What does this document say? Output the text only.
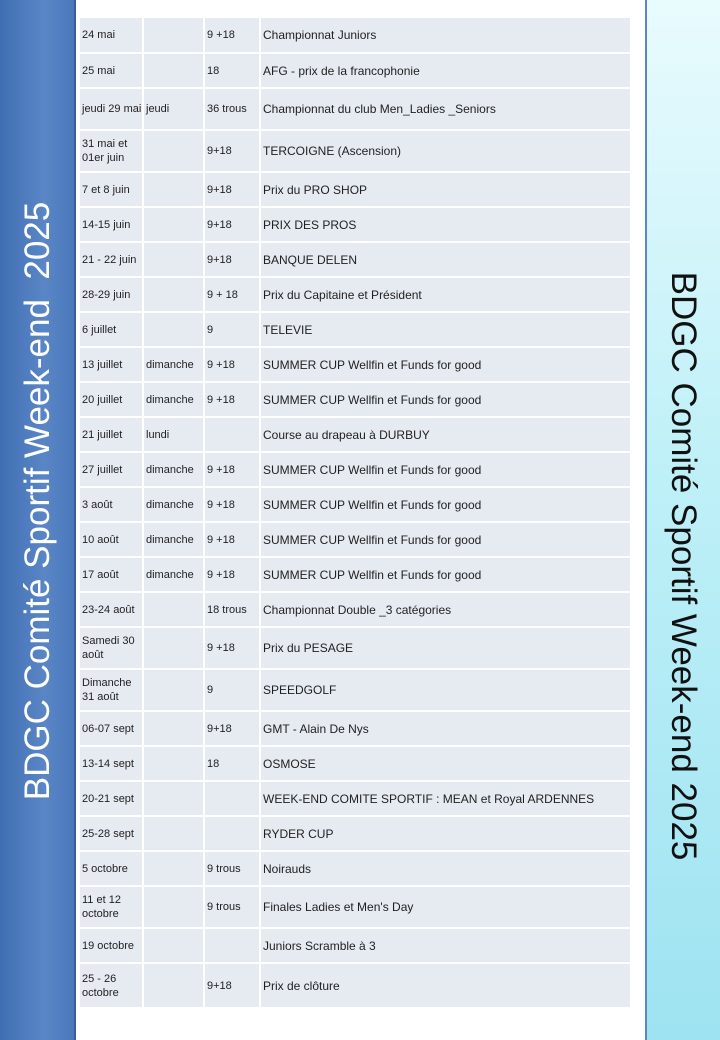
BDGC Comité Sportif Week-end  2025
24 mai		9 +18	Championnat Juniors
25 mai		18	AFG - prix de la francophonie
jeudi 29 mai	jeudi	36 trous	Championnat du club Men_Ladies _Seniors
31 mai et 01er juin		9+18	TERCOIGNE (Ascension)
7 et 8 juin		9+18	Prix du PRO SHOP
14-15 juin		9+18	PRIX DES PROS
21 - 22 juin		9+18	BANQUE DELEN
28-29 juin		9 + 18	Prix du Capitaine et Président
6 juillet		9	TELEVIE
13 juillet	dimanche	9 +18	SUMMER CUP Wellfin et Funds for good
20 juillet	dimanche	9 +18	SUMMER CUP Wellfin et Funds for good
21 juillet	lundi		Course au drapeau à DURBUY
27 juillet	dimanche	9 +18	SUMMER CUP Wellfin et Funds for good
3 août	dimanche	9 +18	SUMMER CUP Wellfin et Funds for good
10 août	dimanche	9 +18	SUMMER CUP Wellfin et Funds for good
17 août	dimanche	9 +18	SUMMER CUP Wellfin et Funds for good
23-24 août		18 trous	Championnat Double _3 catégories
Samedi 30 août		9 +18	Prix du PESAGE
Dimanche 31 août		9	SPEEDGOLF
06-07 sept		9+18	GMT - Alain De Nys
13-14 sept		18	OSMOSE
20-21 sept			WEEK-END COMITE SPORTIF : MEAN et Royal ARDENNES
25-28 sept			RYDER CUP
5 octobre		9 trous	Noirauds
11 et 12 octobre		9 trous	Finales Ladies et Men's Day
19 octobre			Juniors Scramble à 3
25 - 26 octobre		9+18	Prix de clôture
BDGC Comité Sportif Week-end 2025
